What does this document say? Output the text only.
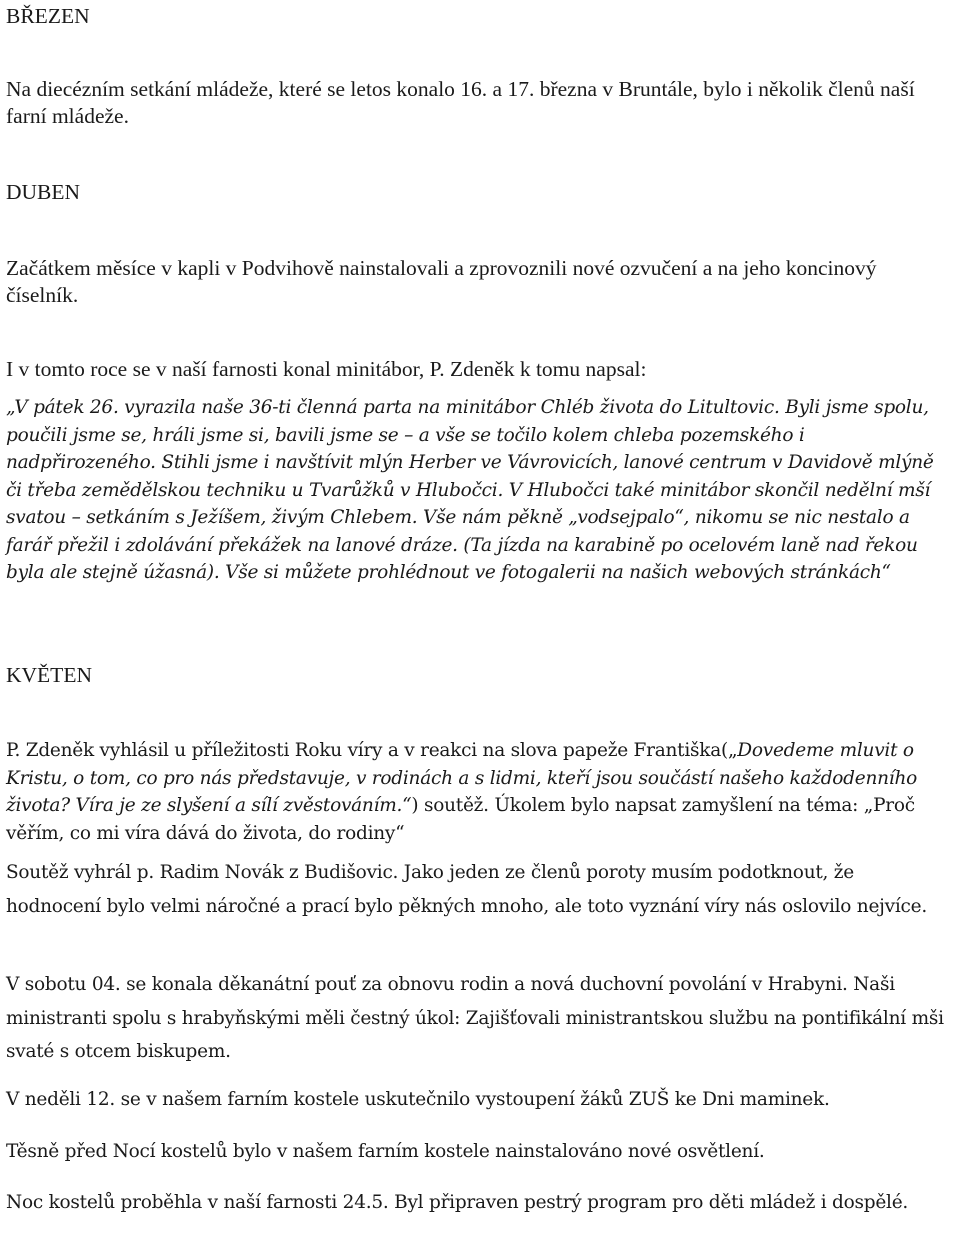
BŘEZEN

Na diecézním setkání mládeže, které se letos konalo 16. a 17. března v Bruntále, bylo i několik členů naší farní mládeže.

DUBEN

Začátkem měsíce v kapli v Podvihově nainstalovali a zprovoznili nové ozvučení a na jeho koncinový číselník.

I v tomto roce se v naší farnosti konal minitábor, P. Zdeněk k tomu napsal:

„V pátek 26. vyrazila naše 36-ti členná parta na minitábor Chléb života do Litultovic. Byli jsme spolu, poučili jsme se, hráli jsme si, bavili jsme se – a vše se točilo kolem chleba pozemského i nadpřirozeného. Stihli jsme i navštívit mlýn Herber ve Vávrovicích, lanové centrum v Davidově mlýně či třeba zemědělskou techniku u Tvarůžků v Hlubočci. V Hlubočci také minitábor skončil nedělní mší svatou – setkáním s Ježíšem, živým Chlebem. Vše nám pěkně „vodsejpalo“, nikomu se nic nestalo a farář přežil i zdolávání překážek na lanové dráze. (Ta jízda na karabině po ocelovém laně nad řekou byla ale stejně úžasná). Vše si můžete prohlédnout ve fotogalerii na našich webových stránkách“

KVĚTEN

P. Zdeněk vyhlásil u příležitosti Roku víry a v reakci na slova papeže Františka(„Dovedeme mluvit o Kristu, o tom, co pro nás představuje, v rodinách a s lidmi, kteří jsou součástí našeho každodenního života? Víra je ze slyšení a sílí zvěstováním.“) soutěž. Úkolem bylo napsat zamyšlení na téma: „Proč věřím, co mi víra dává do života, do rodiny“

Soutěž vyhrál p. Radim Novák z Budišovic. Jako jeden ze členů poroty musím podotknout, že hodnocení bylo velmi náročné a prací bylo pěkných mnoho, ale toto vyznání víry nás oslovilo nejvíce.

V sobotu 04. se konala děkanátní pouť za obnovu rodin a nová duchovní povolání v Hrabyni. Naši ministranti spolu s hrabyňskými měli čestný úkol: Zajišťovali ministrantskou službu na pontifikální mši svaté s otcem biskupem.

V neděli 12. se v našem farním kostele uskutečnilo vystoupení žáků ZUŠ ke Dni maminek.

Těsně před Nocí kostelů bylo v našem farním kostele nainstalováno nové osvětlení.

Noc kostelů proběhla v naší farnosti 24.5. Byl připraven pestrý program pro děti mládež i dospělé.
